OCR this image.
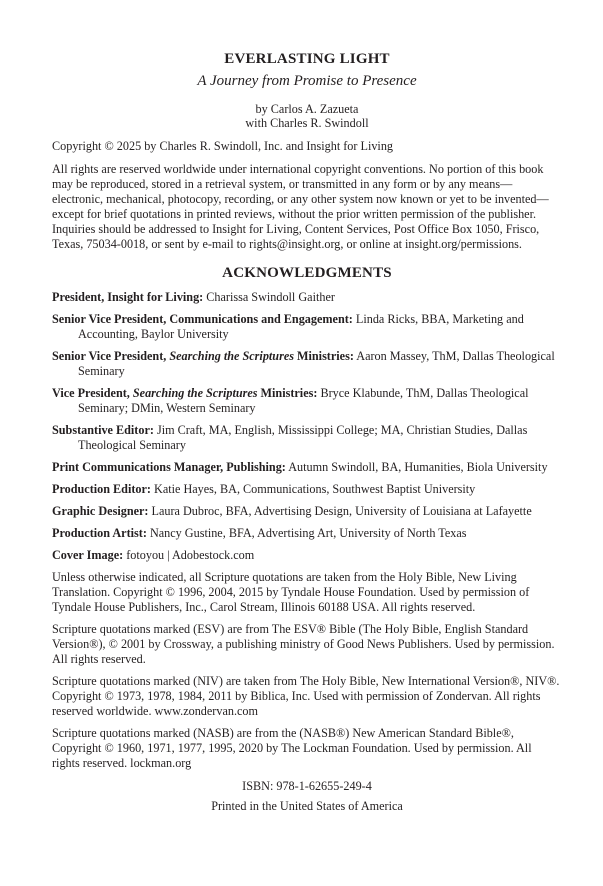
EVERLASTING LIGHT
A Journey from Promise to Presence
by Carlos A. Zazueta
with Charles R. Swindoll
Copyright © 2025 by Charles R. Swindoll, Inc. and Insight for Living
All rights are reserved worldwide under international copyright conventions. No portion of this book may be reproduced, stored in a retrieval system, or transmitted in any form or by any means—electronic, mechanical, photocopy, recording, or any other system now known or yet to be invented—except for brief quotations in printed reviews, without the prior written permission of the publisher. Inquiries should be addressed to Insight for Living, Content Services, Post Office Box 1050, Frisco, Texas, 75034-0018, or sent by e-mail to rights@insight.org, or online at insight.org/permissions.
ACKNOWLEDGMENTS
President, Insight for Living: Charissa Swindoll Gaither
Senior Vice President, Communications and Engagement: Linda Ricks, BBA, Marketing and Accounting, Baylor University
Senior Vice President, Searching the Scriptures Ministries: Aaron Massey, ThM, Dallas Theological Seminary
Vice President, Searching the Scriptures Ministries: Bryce Klabunde, ThM, Dallas Theological Seminary; DMin, Western Seminary
Substantive Editor: Jim Craft, MA, English, Mississippi College; MA, Christian Studies, Dallas Theological Seminary
Print Communications Manager, Publishing: Autumn Swindoll, BA, Humanities, Biola University
Production Editor: Katie Hayes, BA, Communications, Southwest Baptist University
Graphic Designer: Laura Dubroc, BFA, Advertising Design, University of Louisiana at Lafayette
Production Artist: Nancy Gustine, BFA, Advertising Art, University of North Texas
Cover Image: fotoyou | Adobestock.com
Unless otherwise indicated, all Scripture quotations are taken from the Holy Bible, New Living Translation. Copyright © 1996, 2004, 2015 by Tyndale House Foundation. Used by permission of Tyndale House Publishers, Inc., Carol Stream, Illinois 60188 USA. All rights reserved.
Scripture quotations marked (ESV) are from The ESV® Bible (The Holy Bible, English Standard Version®), © 2001 by Crossway, a publishing ministry of Good News Publishers. Used by permission. All rights reserved.
Scripture quotations marked (NIV) are taken from The Holy Bible, New International Version®, NIV®. Copyright © 1973, 1978, 1984, 2011 by Biblica, Inc. Used with permission of Zondervan. All rights reserved worldwide. www.zondervan.com
Scripture quotations marked (NASB) are from the (NASB®) New American Standard Bible®, Copyright © 1960, 1971, 1977, 1995, 2020 by The Lockman Foundation. Used by permission. All rights reserved. lockman.org
ISBN: 978-1-62655-249-4
Printed in the United States of America
